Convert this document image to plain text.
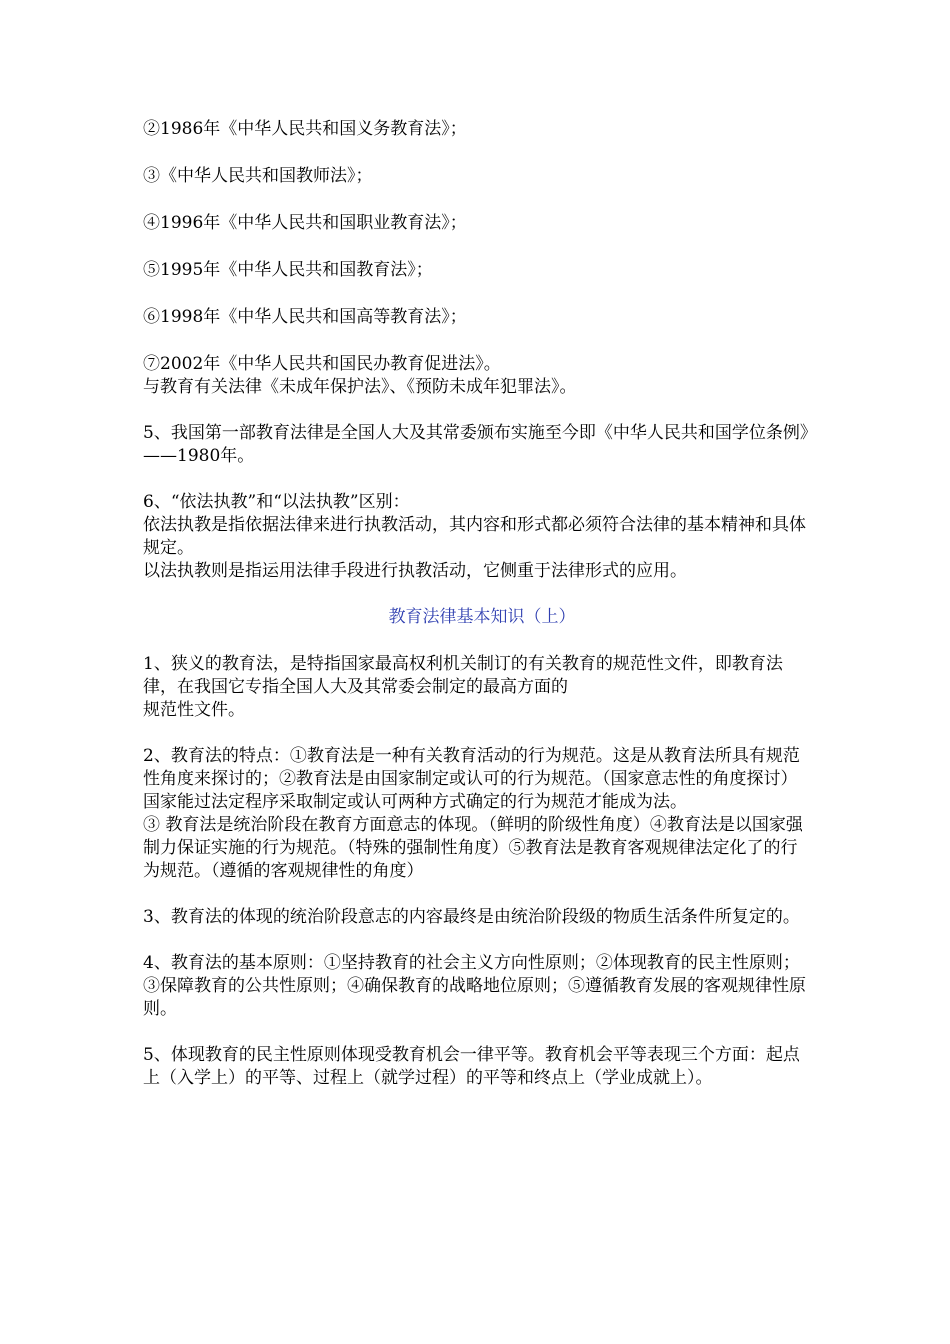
②1986年《中华人民共和国义务教育法》；

③《中华人民共和国教师法》；

④1996年《中华人民共和国职业教育法》；

⑤1995年《中华人民共和国教育法》；

⑥1998年《中华人民共和国高等教育法》；

⑦2002年《中华人民共和国民办教育促进法》。

与教育有关法律《未成年保护法》、《预防未成年犯罪法》。

5、我国第一部教育法律是全国人大及其常委颁布实施至今即《中华人民共和国学位条例》——1980年。

6、“依法执教”和“以法执教”区别：

依法执教是指依据法律来进行执教活动，其内容和形式都必须符合法律的基本精神和具体规定。

以法执教则是指运用法律手段进行执教活动，它侧重于法律形式的应用。

教育法律基本知识（上）

1、狭义的教育法，是特指国家最高权利机关制订的有关教育的规范性文件，即教育法律，在我国它专指全国人大及其常委会制定的最高方面的

规范性文件。

2、教育法的特点：①教育法是一种有关教育活动的行为规范。这是从教育法所具有规范性角度来探讨的；②教育法是由国家制定或认可的行为规范。（国家意志性的角度探讨）

国家能过法定程序采取制定或认可两种方式确定的行为规范才能成为法。

③ 教育法是统治阶段在教育方面意志的体现。（鲜明的阶级性角度）④教育法是以国家强制力保证实施的行为规范。（特殊的强制性角度）⑤教育法是教育客观规律法定化了的行为规范。（遵循的客观规律性的角度）

3、教育法的体现的统治阶段意志的内容最终是由统治阶段级的物质生活条件所复定的。

4、教育法的基本原则：①坚持教育的社会主义方向性原则；②体现教育的民主性原则；③保障教育的公共性原则；④确保教育的战略地位原则；⑤遵循教育发展的客观规律性原则。

5、体现教育的民主性原则体现受教育机会一律平等。教育机会平等表现三个方面：起点上（入学上）的平等、过程上（就学过程）的平等和终点上（学业成就上）。
